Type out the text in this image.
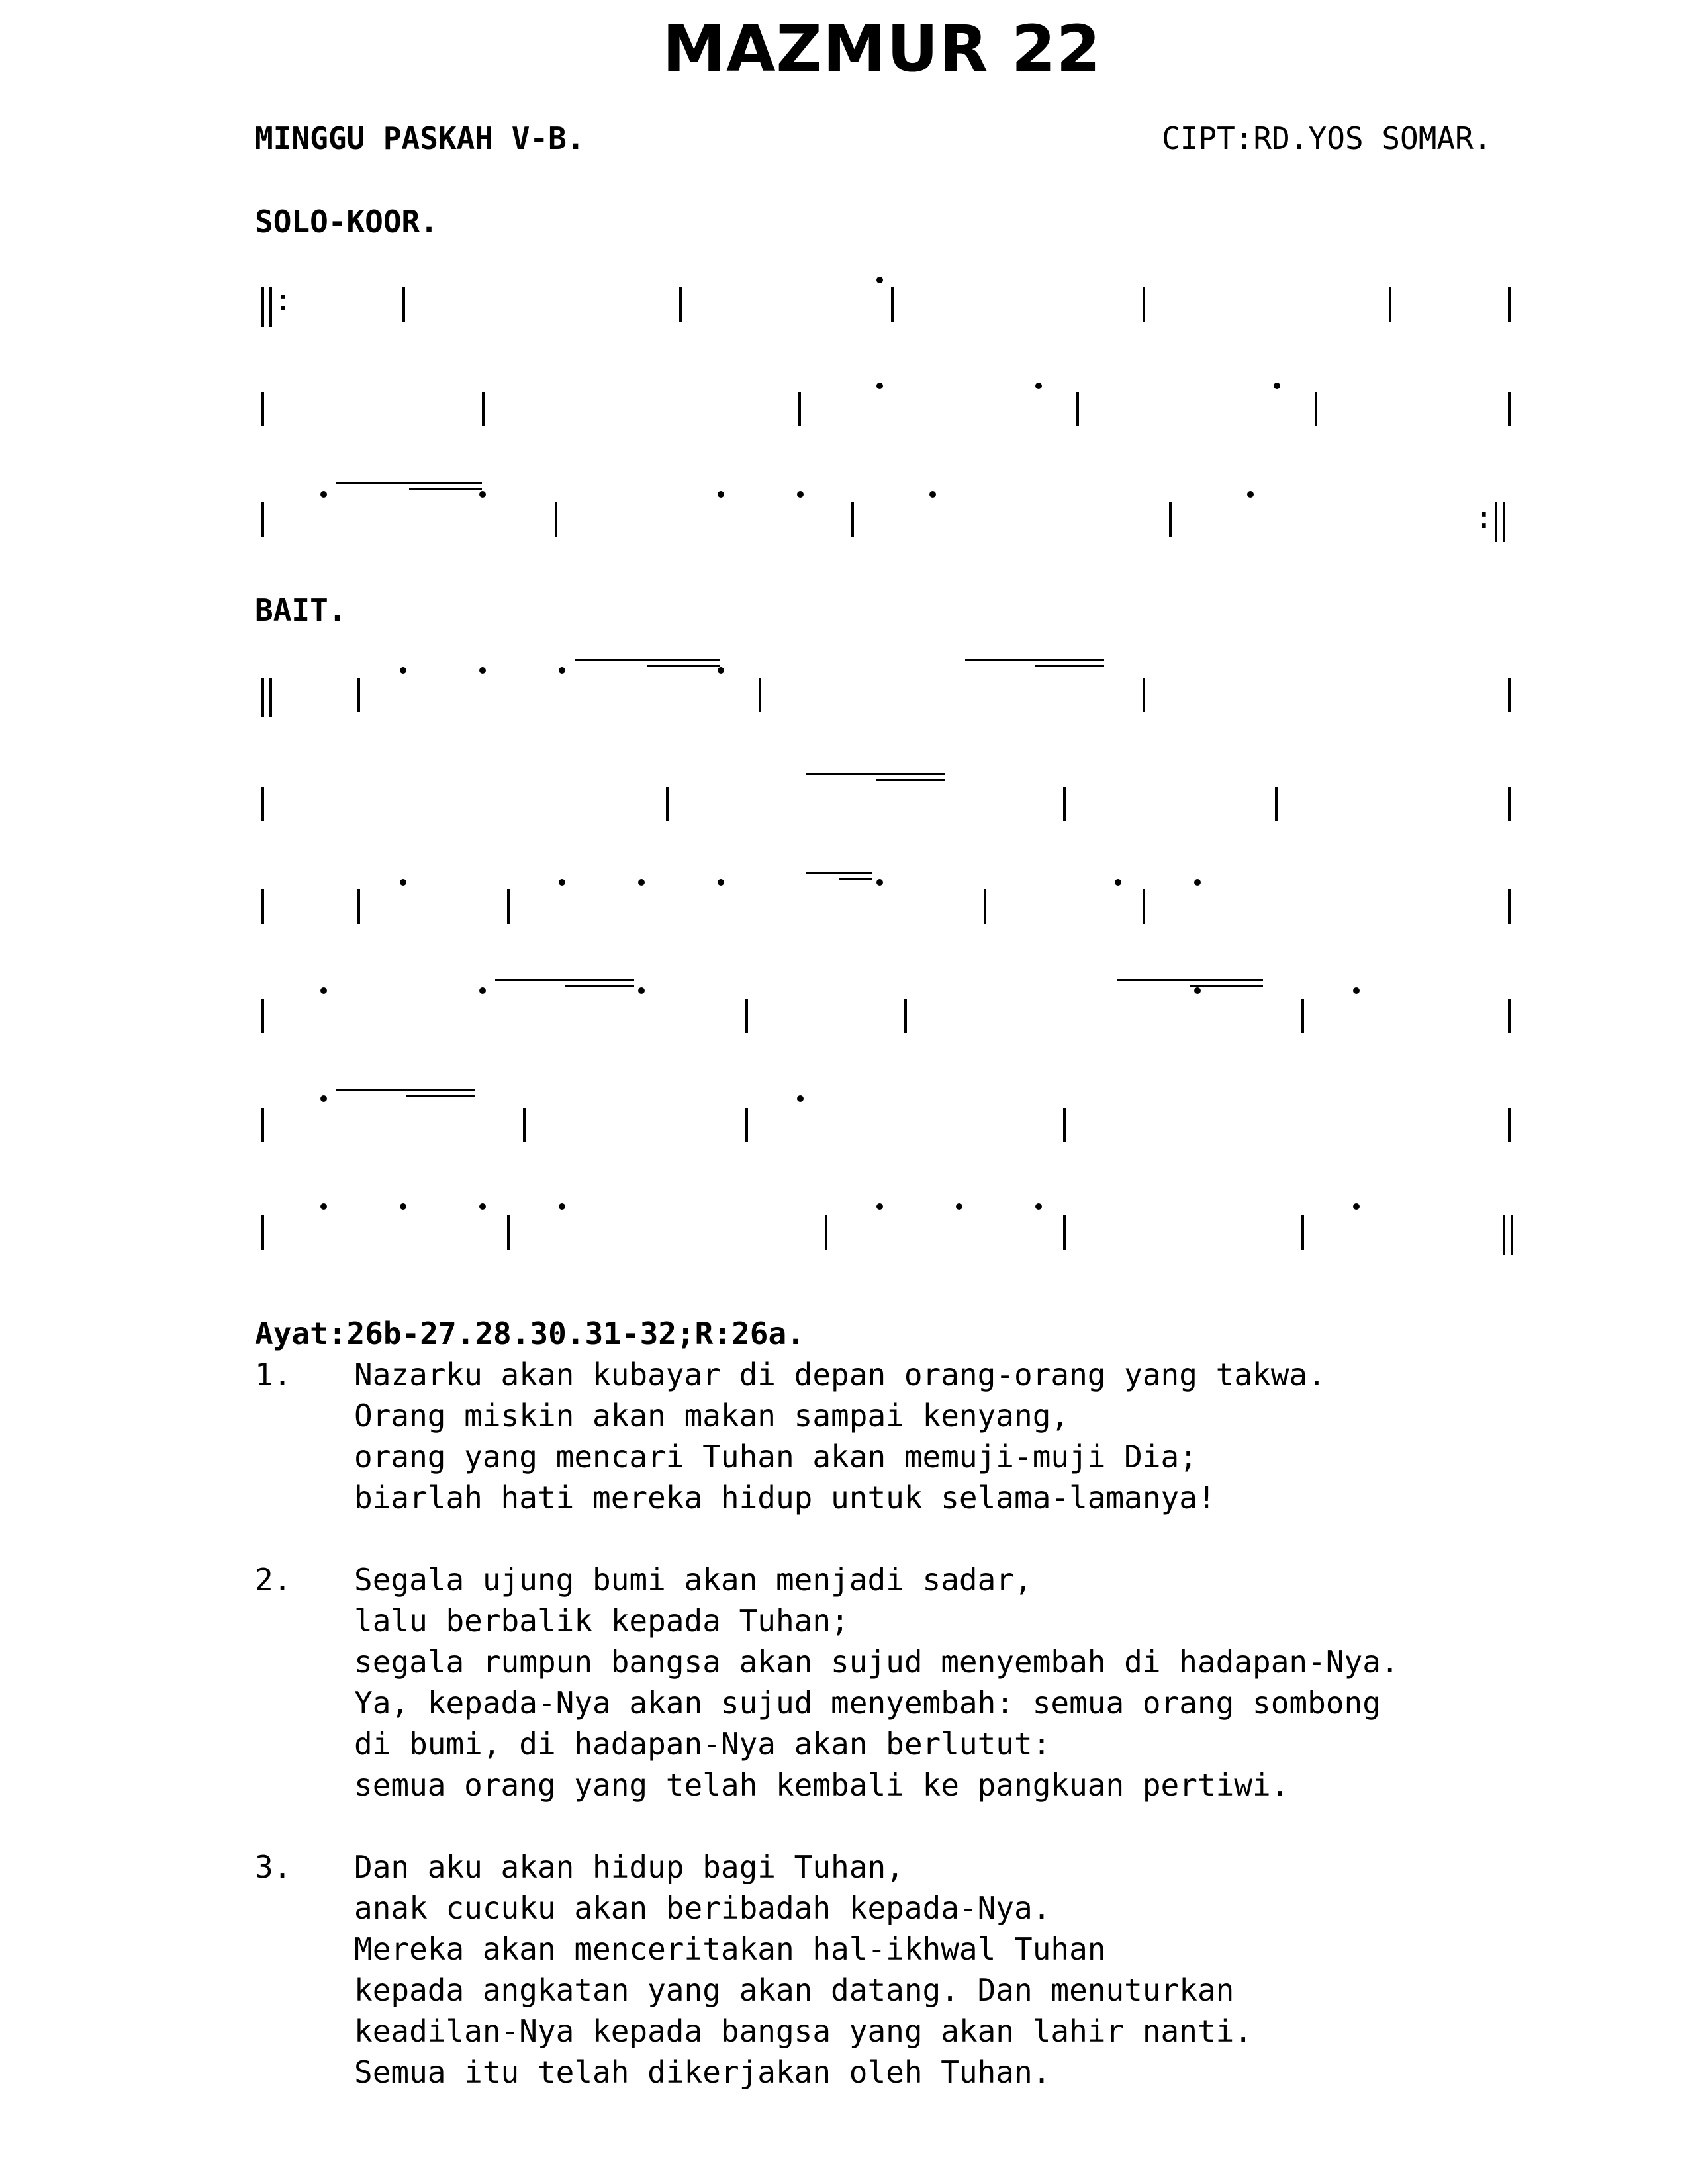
MAZMUR 22
MINGGU PASKAH V-B.	CIPT:RD.YOS SOMAR.
SOLO-KOOR.
:
:
BAIT.
Ayat:26b-27.28.30.31-32;R:26a.
1. Nazarku akan kubayar di depan orang-orang yang takwa.
Orang miskin akan makan sampai kenyang,
orang yang mencari Tuhan akan memuji-muji Dia;
biarlah hati mereka hidup untuk selama-lamanya!
2. Segala ujung bumi akan menjadi sadar,
lalu berbalik kepada Tuhan;
segala rumpun bangsa akan sujud menyembah di hadapan-Nya.
Ya, kepada-Nya akan sujud menyembah: semua orang sombong
di bumi, di hadapan-Nya akan berlutut:
semua orang yang telah kembali ke pangkuan pertiwi.
3. Dan aku akan hidup bagi Tuhan,
anak cucuku akan beribadah kepada-Nya.
Mereka akan menceritakan hal-ikhwal Tuhan
kepada angkatan yang akan datang. Dan menuturkan
keadilan-Nya kepada bangsa yang akan lahir nanti.
Semua itu telah dikerjakan oleh Tuhan.
